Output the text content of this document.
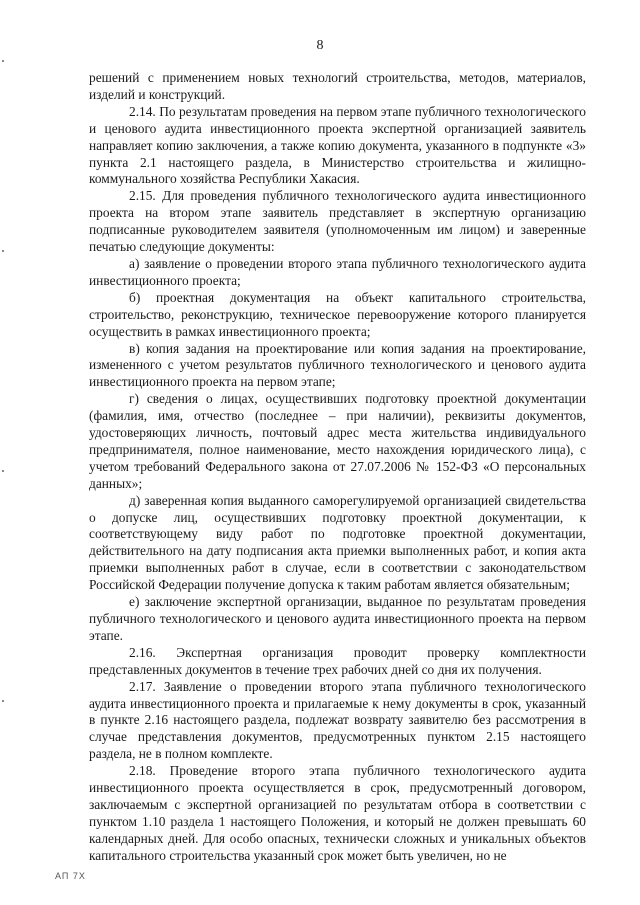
8

решений с применением новых технологий строительства, методов, материалов, изделий и конструкций.

2.14. По результатам проведения на первом этапе публичного технологического и ценового аудита инвестиционного проекта экспертной организацией заявитель направляет копию заключения, а также копию документа, указанного в подпункте «3» пункта 2.1 настоящего раздела, в Министерство строительства и жилищно-коммунального хозяйства Республики Хакасия.

2.15. Для проведения публичного технологического аудита инвестиционного проекта на втором этапе заявитель представляет в экспертную организацию подписанные руководителем заявителя (уполномоченным им лицом) и заверенные печатью следующие документы:

а) заявление о проведении второго этапа публичного технологического аудита инвестиционного проекта;

б) проектная документация на объект капитального строительства, строительство, реконструкцию, техническое перевооружение которого планируется осуществить в рамках инвестиционного проекта;

в) копия задания на проектирование или копия задания на проектирование, измененного с учетом результатов публичного технологического и ценового аудита инвестиционного проекта на первом этапе;

г) сведения о лицах, осуществивших подготовку проектной документации (фамилия, имя, отчество (последнее – при наличии), реквизиты документов, удостоверяющих личность, почтовый адрес места жительства индивидуального предпринимателя, полное наименование, место нахождения юридического лица), с учетом требований Федерального закона от 27.07.2006 № 152-ФЗ «О персональных данных»;

д) заверенная копия выданного саморегулируемой организацией свидетельства о допуске лиц, осуществивших подготовку проектной документации, к соответствующему виду работ по подготовке проектной документации, действительного на дату подписания акта приемки выполненных работ, и копия акта приемки выполненных работ в случае, если в соответствии с законодательством Российской Федерации получение допуска к таким работам является обязательным;

е) заключение экспертной организации, выданное по результатам проведения публичного технологического и ценового аудита инвестиционного проекта на первом этапе.

2.16. Экспертная организация проводит проверку комплектности представленных документов в течение трех рабочих дней со дня их получения.

2.17. Заявление о проведении второго этапа публичного технологического аудита инвестиционного проекта и прилагаемые к нему документы в срок, указанный в пункте 2.16 настоящего раздела, подлежат возврату заявителю без рассмотрения в случае представления документов, предусмотренных пунктом 2.15 настоящего раздела, не в полном комплекте.

2.18. Проведение второго этапа публичного технологического аудита инвестиционного проекта осуществляется в срок, предусмотренный договором, заключаемым с экспертной организацией по результатам отбора в соответствии с пунктом 1.10 раздела 1 настоящего Положения, и который не должен превышать 60 календарных дней. Для особо опасных, технически сложных и уникальных объектов капитального строительства указанный срок может быть увеличен, но не

АП 7Х
